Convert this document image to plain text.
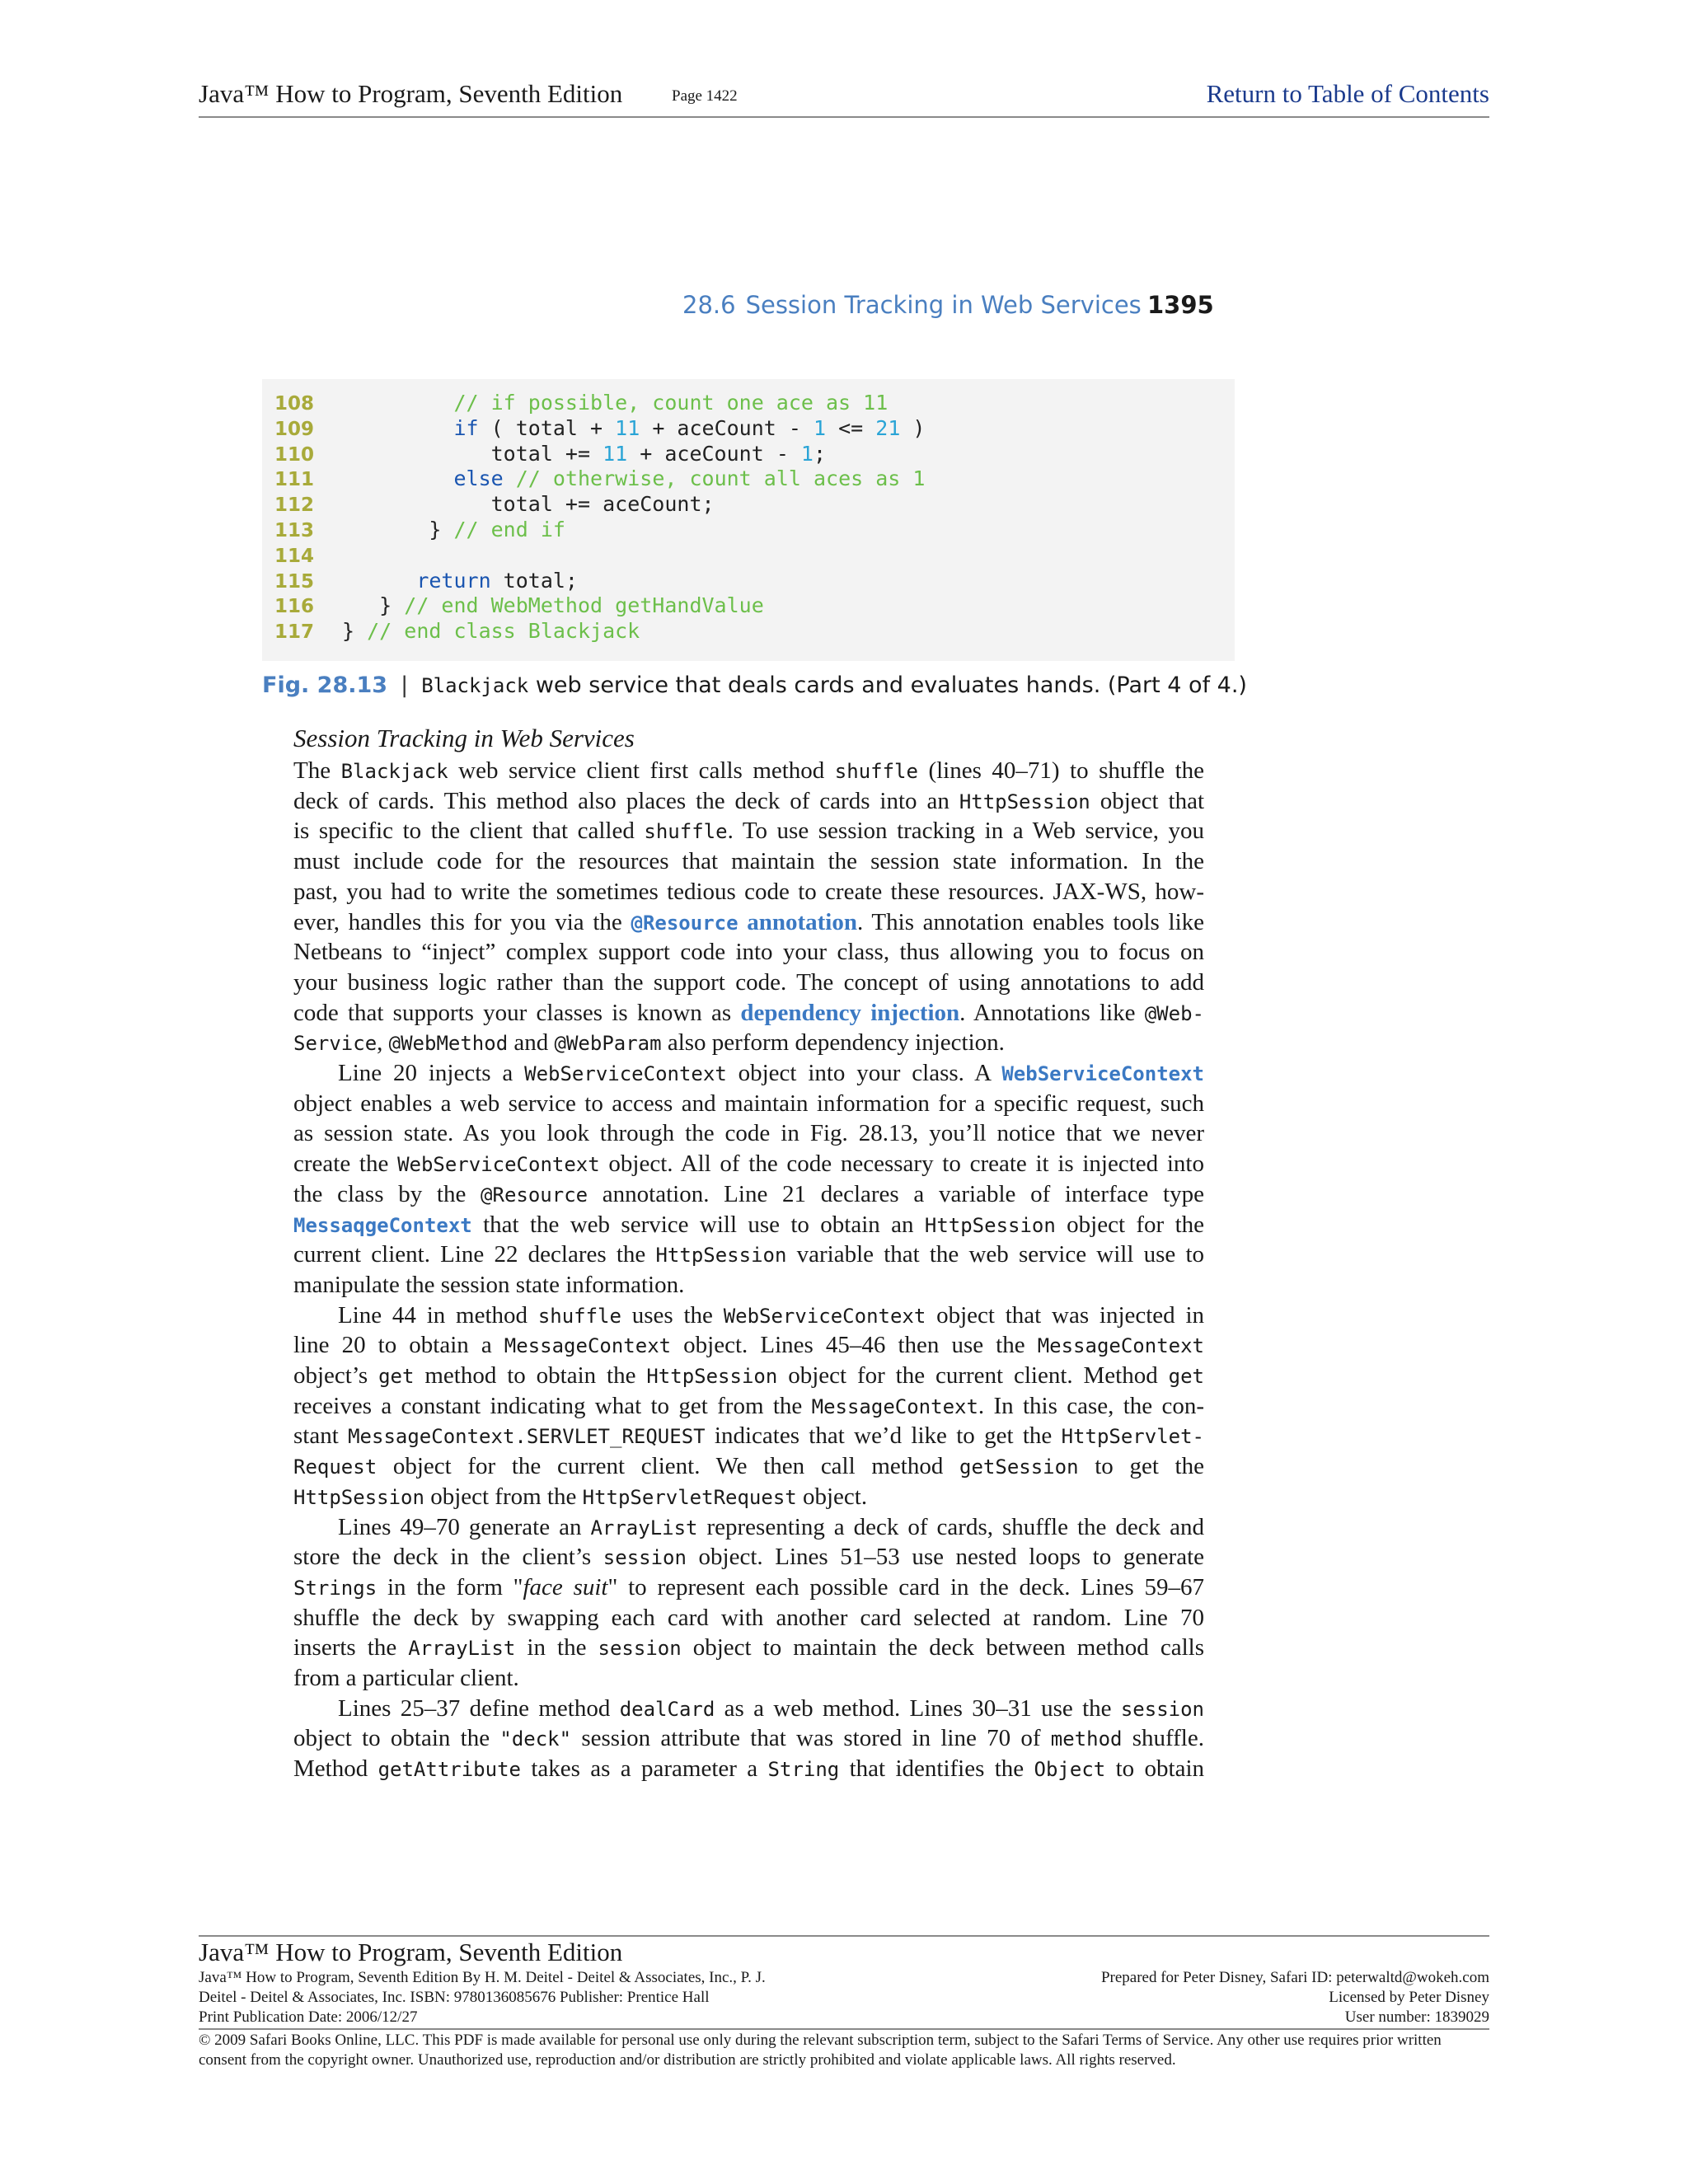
Java™ How to Program, Seventh Edition	Page 1422	Return to Table of Contents
28.6 Session Tracking in Web Services 1395
108	// if possible, count one ace as 11
109	if ( total + 11 + aceCount - 1 <= 21 )
110	total += 11 + aceCount - 1;
111	else // otherwise, count all aces as 1
112	total += aceCount;
113	} // end if
114
115	return total;
116	} // end WebMethod getHandValue
117 } // end class Blackjack
Fig. 28.13 | Blackjack web service that deals cards and evaluates hands. (Part 4 of 4.)
Session Tracking in Web Services
The Blackjack web service client first calls method shuffle (lines 40–71) to shuffle the
deck of cards. This method also places the deck of cards into an HttpSession object that
is specific to the client that called shuffle. To use session tracking in a Web service, you
must include code for the resources that maintain the session state information. In the
past, you had to write the sometimes tedious code to create these resources. JAX-WS, how-
ever, handles this for you via the @Resource annotation. This annotation enables tools like
Netbeans to “inject” complex support code into your class, thus allowing you to focus on
your business logic rather than the support code. The concept of using annotations to add
code that supports your classes is known as dependency injection. Annotations like @Web-
Service, @WebMethod and @WebParam also perform dependency injection.
Line 20 injects a WebServiceContext object into your class. A WebServiceContext
object enables a web service to access and maintain information for a specific request, such
as session state. As you look through the code in Fig. 28.13, you’ll notice that we never
create the WebServiceContext object. All of the code necessary to create it is injected into
the class by the @Resource annotation. Line 21 declares a variable of interface type
MessaqgeContext that the web service will use to obtain an HttpSession object for the
current client. Line 22 declares the HttpSession variable that the web service will use to
manipulate the session state information.
Line 44 in method shuffle uses the WebServiceContext object that was injected in
line 20 to obtain a MessageContext object. Lines 45–46 then use the MessageContext
object’s get method to obtain the HttpSession object for the current client. Method get
receives a constant indicating what to get from the MessageContext. In this case, the con-
stant MessageContext.SERVLET_REQUEST indicates that we’d like to get the HttpServlet-
Request object for the current client. We then call method getSession to get the
HttpSession object from the HttpServletRequest object.
Lines 49–70 generate an ArrayList representing a deck of cards, shuffle the deck and
store the deck in the client’s session object. Lines 51–53 use nested loops to generate
Strings in the form "face suit" to represent each possible card in the deck. Lines 59–67
shuffle the deck by swapping each card with another card selected at random. Line 70
inserts the ArrayList in the session object to maintain the deck between method calls
from a particular client.
Lines 25–37 define method dealCard as a web method. Lines 30–31 use the session
object to obtain the "deck" session attribute that was stored in line 70 of method shuffle.
Method getAttribute takes as a parameter a String that identifies the Object to obtain
Java™ How to Program, Seventh Edition
Java™ How to Program, Seventh Edition By H. M. Deitel - Deitel & Associates, Inc., P. J.
Deitel - Deitel & Associates, Inc. ISBN: 9780136085676 Publisher: Prentice Hall
Print Publication Date: 2006/12/27
Prepared for Peter Disney, Safari ID: peterwaltd@wokeh.com
Licensed by Peter Disney
User number: 1839029
© 2009 Safari Books Online, LLC. This PDF is made available for personal use only during the relevant subscription term, subject to the Safari Terms of Service. Any other use requires prior written consent from the copyright owner. Unauthorized use, reproduction and/or distribution are strictly prohibited and violate applicable laws. All rights reserved.
